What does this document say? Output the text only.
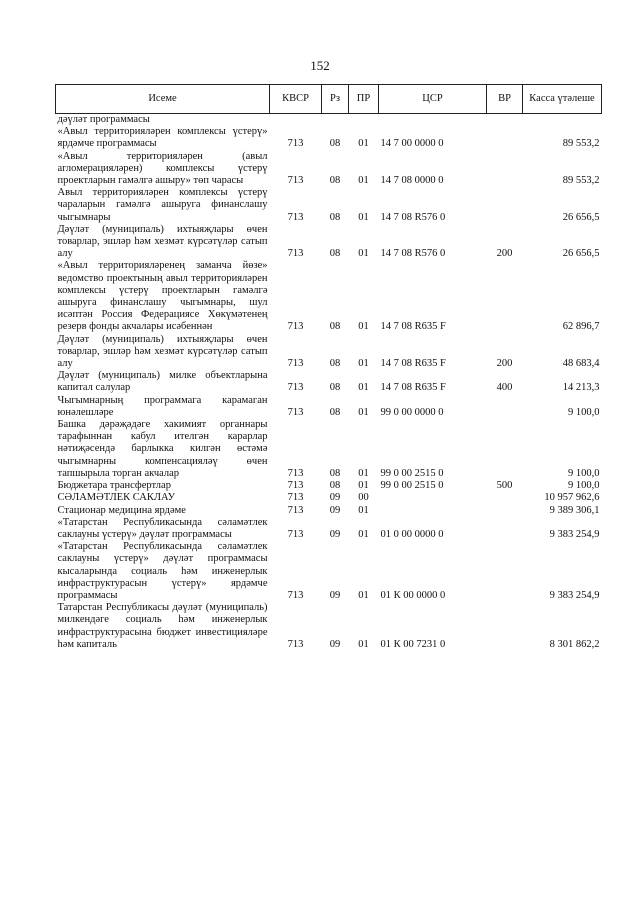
152
Исеме	КВСР	Рз	ПР	ЦСР	ВР	Касса үтәлеше
дәүләт программасы						
«Авыл территорияләрен комплексы үстерү» ярдәмче программасы	713	08	01	14 7 00 0000 0		89 553,2
«Авыл территорияләрен (авыл агломерацияләрен) комплексы үстерү проектларын гамәлгә ашыру» төп чарасы	713	08	01	14 7 08 0000 0		89 553,2
Авыл территорияләрен комплексы үстерү чараларын гамәлгә ашыруга финанслашу чыгымнары	713	08	01	14 7 08 R576 0		26 656,5
Дәүләт (муниципаль) ихтыяҗлары өчен товарлар, эшләр һәм хезмәт күрсәтүләр сатып алу	713	08	01	14 7 08 R576 0	200	26 656,5
«Авыл территорияләренең заманча йөзе» ведомство проектының авыл территорияләрен комплексы үстерү проектларын гамәлгә ашыруга финанслашу чыгымнары, шул исәптән Россия Федерациясе Хөкүмәтенең резерв фонды акчалары исәбеннән	713	08	01	14 7 08 R635 F		62 896,7
Дәүләт (муниципаль) ихтыяҗлары өчен товарлар, эшләр һәм хезмәт күрсәтүләр сатып алу	713	08	01	14 7 08 R635 F	200	48 683,4
Дәүләт (муниципаль) милке объектларына капитал салулар	713	08	01	14 7 08 R635 F	400	14 213,3
Чыгымнарның программага карамаган юнәлешләре	713	08	01	99 0 00 0000 0		9 100,0
Башка дәрәҗәдәге хакимият органнары тарафыннан кабул ителгән карарлар нәтиҗәсендә барлыкка килгән өстәмә чыгымнарны компенсацияләү өчен тапшырыла торган акчалар	713	08	01	99 0 00 2515 0		9 100,0
Бюджетара трансфертлар	713	08	01	99 0 00 2515 0	500	9 100,0
СӘЛАМӘТЛЕК САКЛАУ	713	09	00			10 957 962,6
Стационар медицина ярдәме	713	09	01			9 389 306,1
«Татарстан Республикасында сәламәтлек саклауны үстерү» дәүләт программасы	713	09	01	01 0 00 0000 0		9 383 254,9
«Татарстан Республикасында сәламәтлек саклауны үстерү» дәүләт программасы кысаларында социаль һәм инженерлык инфраструктурасын үстерү» ярдәмче программасы	713	09	01	01 К 00 0000 0		9 383 254,9
Татарстан Республикасы дәүләт (муниципаль) милкендәге социаль һәм инженерлык инфраструктурасына бюджет инвестицияләре һәм капиталь	713	09	01	01 К 00 7231 0		8 301 862,2
